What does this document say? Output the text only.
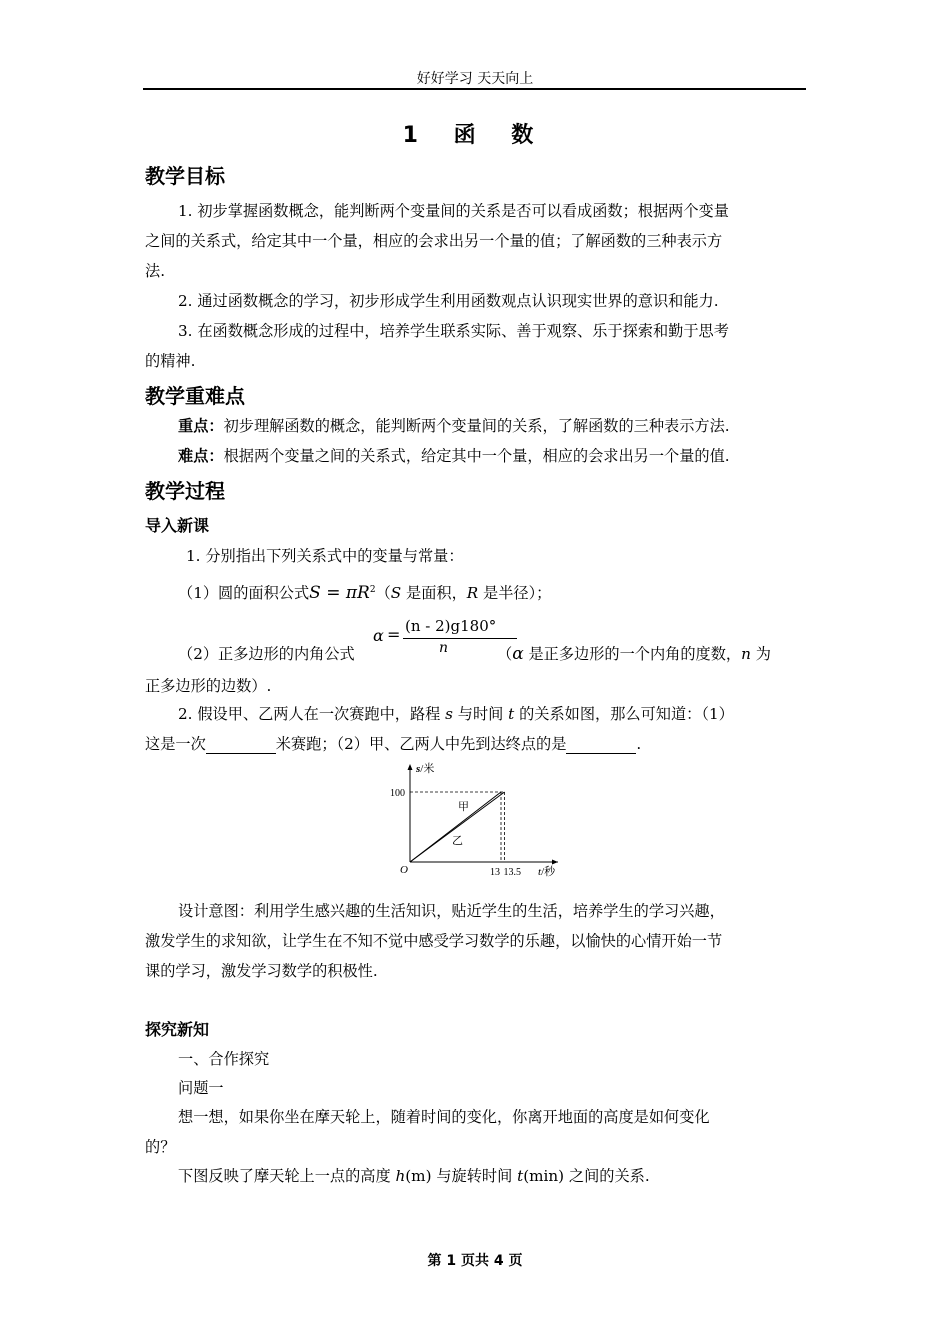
好好学习 天天向上
1 函 数
教学目标
1. 初步掌握函数概念，能判断两个变量间的关系是否可以看成函数；根据两个变量
之间的关系式，给定其中一个量，相应的会求出另一个量的值；了解函数的三种表示方
法.
2. 通过函数概念的学习，初步形成学生利用函数观点认识现实世界的意识和能力.
3. 在函数概念形成的过程中，培养学生联系实际、善于观察、乐于探索和勤于思考
的精神.
教学重难点
重点：初步理解函数的概念，能判断两个变量间的关系，了解函数的三种表示方法.
难点：根据两个变量之间的关系式，给定其中一个量，相应的会求出另一个量的值.
教学过程
导入新课
1. 分别指出下列关系式中的变量与常量：
（1）圆的面积公式$S = \pi R^2(S$ 是面积，R 是半径）；
（2）正多边形的内角公式
α = (n - 2)g180°
n	（α 是正多边形的一个内角的度数，n 为
正多边形的边数）.
2. 假设甲、乙两人在一次赛跑中，路程 s 与时间 t 的关系如图，那么可知道：（1）
这是一次	米赛跑；（2）甲、乙两人中先到达终点的是	.
s/米
t/秒
O
100
13 13.5
甲
乙
设计意图：利用学生感兴趣的生活知识，贴近学生的生活，培养学生的学习兴趣，
激发学生的求知欲，让学生在不知不觉中感受学习数学的乐趣，以愉快的心情开始一节
课的学习，激发学习数学的积极性.
探究新知
一、合作探究
问题一
想一想，如果你坐在摩天轮上，随着时间的变化，你离开地面的高度是如何变化
的？
下图反映了摩天轮上一点的高度 h(m) 与旋转时间 t(min) 之间的关系.
第 1 页共 4 页
